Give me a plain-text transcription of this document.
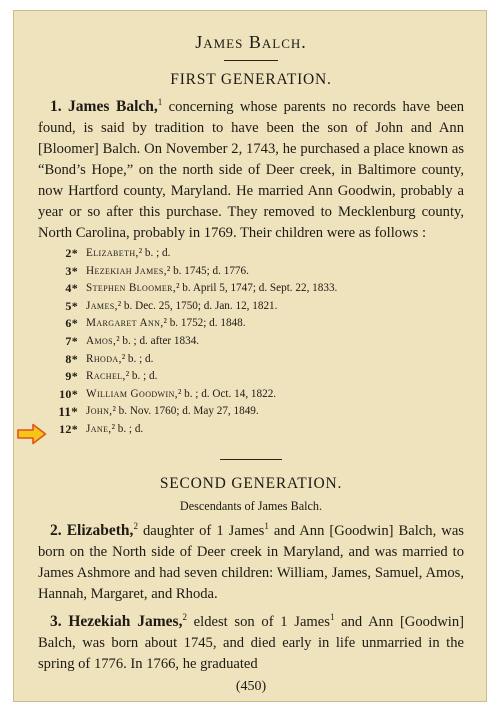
James Balch.
FIRST GENERATION.
1. James Balch,$^1$ concerning whose parents no records have been found, is said by tradition to have been the son of John and Ann [Bloomer] Balch. On November 2, 1743, he purchased a place known as “Bond’s Hope,” on the north side of Deer creek, in Baltimore county, now Hartford county, Maryland. He married Ann Goodwin, probably a year or so after this purchase. They removed to Mecklenburg county, North Carolina, probably in 1769. Their children were as follows :
2* Elizabeth,² b. ; d.
3* Hezekiah James,² b. 1745; d. 1776.
4* Stephen Bloomer,² b. April 5, 1747; d. Sept. 22, 1833.
5* James,² b. Dec. 25, 1750; d. Jan. 12, 1821.
6* Margaret Ann,² b. 1752; d. 1848.
7* Amos,² b. ; d. after 1834.
8* Rhoda,² b. ; d.
9* Rachel,² b. ; d.
10* William Goodwin,² b. ; d. Oct. 14, 1822.
11* John,² b. Nov. 1760; d. May 27, 1849.
12* Jane,² b. ; d.
SECOND GENERATION.
Descendants of James Balch.
2. Elizabeth,$^2$ daughter of 1 James$^1$ and Ann [Goodwin] Balch, was born on the North side of Deer creek in Maryland, and was married to James Ashmore and had seven children: William, James, Samuel, Amos, Hannah, Margaret, and Rhoda.
3. Hezekiah James,$^2$ eldest son of 1 James$^1$ and Ann [Goodwin] Balch, was born about 1745, and died early in life unmarried in the spring of 1776. In 1766, he graduated
(450)
